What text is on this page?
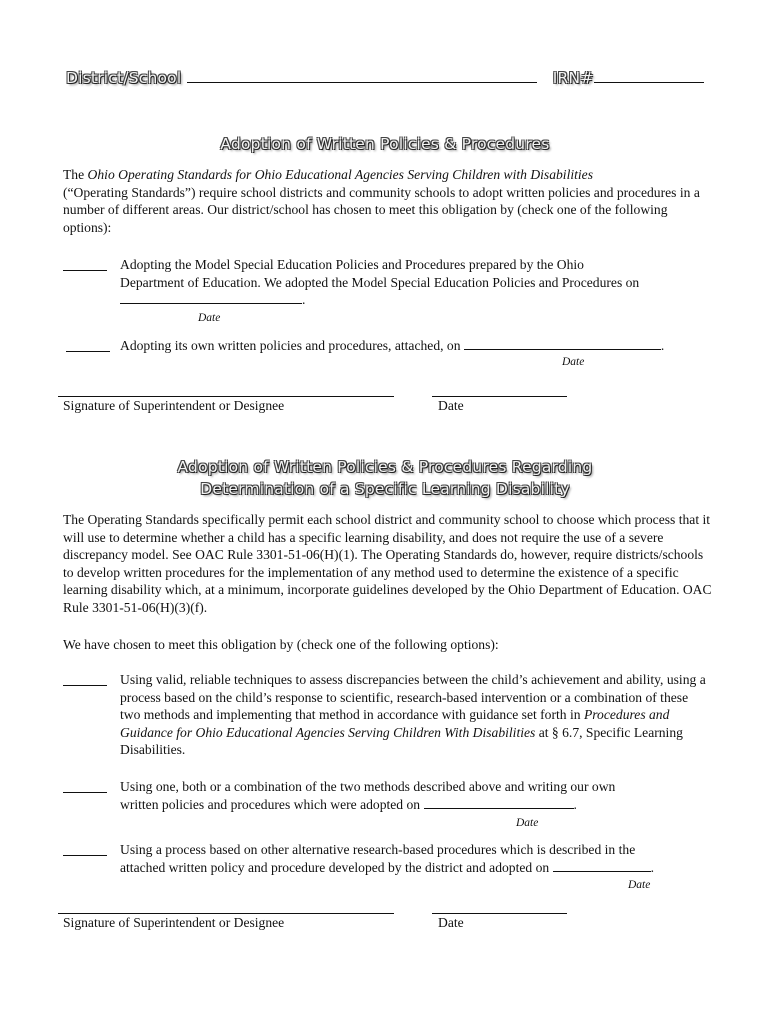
District/School	IRN#
Adoption of Written Policies & Procedures
The Ohio Operating Standards for Ohio Educational Agencies Serving Children with Disabilities
(“Operating Standards”) require school districts and community schools to adopt written policies and procedures in a number of different areas. Our district/school has chosen to meet this obligation by (check one of the following options):
Adopting the Model Special Education Policies and Procedures prepared by the Ohio
Department of Education. We adopted the Model Special Education Policies and Procedures on
.
Date
Adopting its own written policies and procedures, attached, on	.
Date
Signature of Superintendent or Designee	Date
Adoption of Written Policies & Procedures Regarding
Determination of a Specific Learning Disability
The Operating Standards specifically permit each school district and community school to choose which process that it will use to determine whether a child has a specific learning disability, and does not require the use of a severe discrepancy model. See OAC Rule 3301-51-06(H)(1). The Operating Standards do, however, require districts/schools to develop written procedures for the implementation of any method used to determine the existence of a specific learning disability which, at a minimum, incorporate guidelines developed by the Ohio Department of Education. OAC Rule 3301-51-06(H)(3)(f).
We have chosen to meet this obligation by (check one of the following options):
Using valid, reliable techniques to assess discrepancies between the child’s achievement and ability, using a process based on the child’s response to scientific, research-based intervention or a combination of these two methods and implementing that method in accordance with guidance set forth in Procedures and Guidance for Ohio Educational Agencies Serving Children With Disabilities at § 6.7, Specific Learning Disabilities.
Using one, both or a combination of the two methods described above and writing our own
written policies and procedures which were adopted on	.
Date
Using a process based on other alternative research-based procedures which is described in the
attached written policy and procedure developed by the district and adopted on	.
Date
Signature of Superintendent or Designee	Date
